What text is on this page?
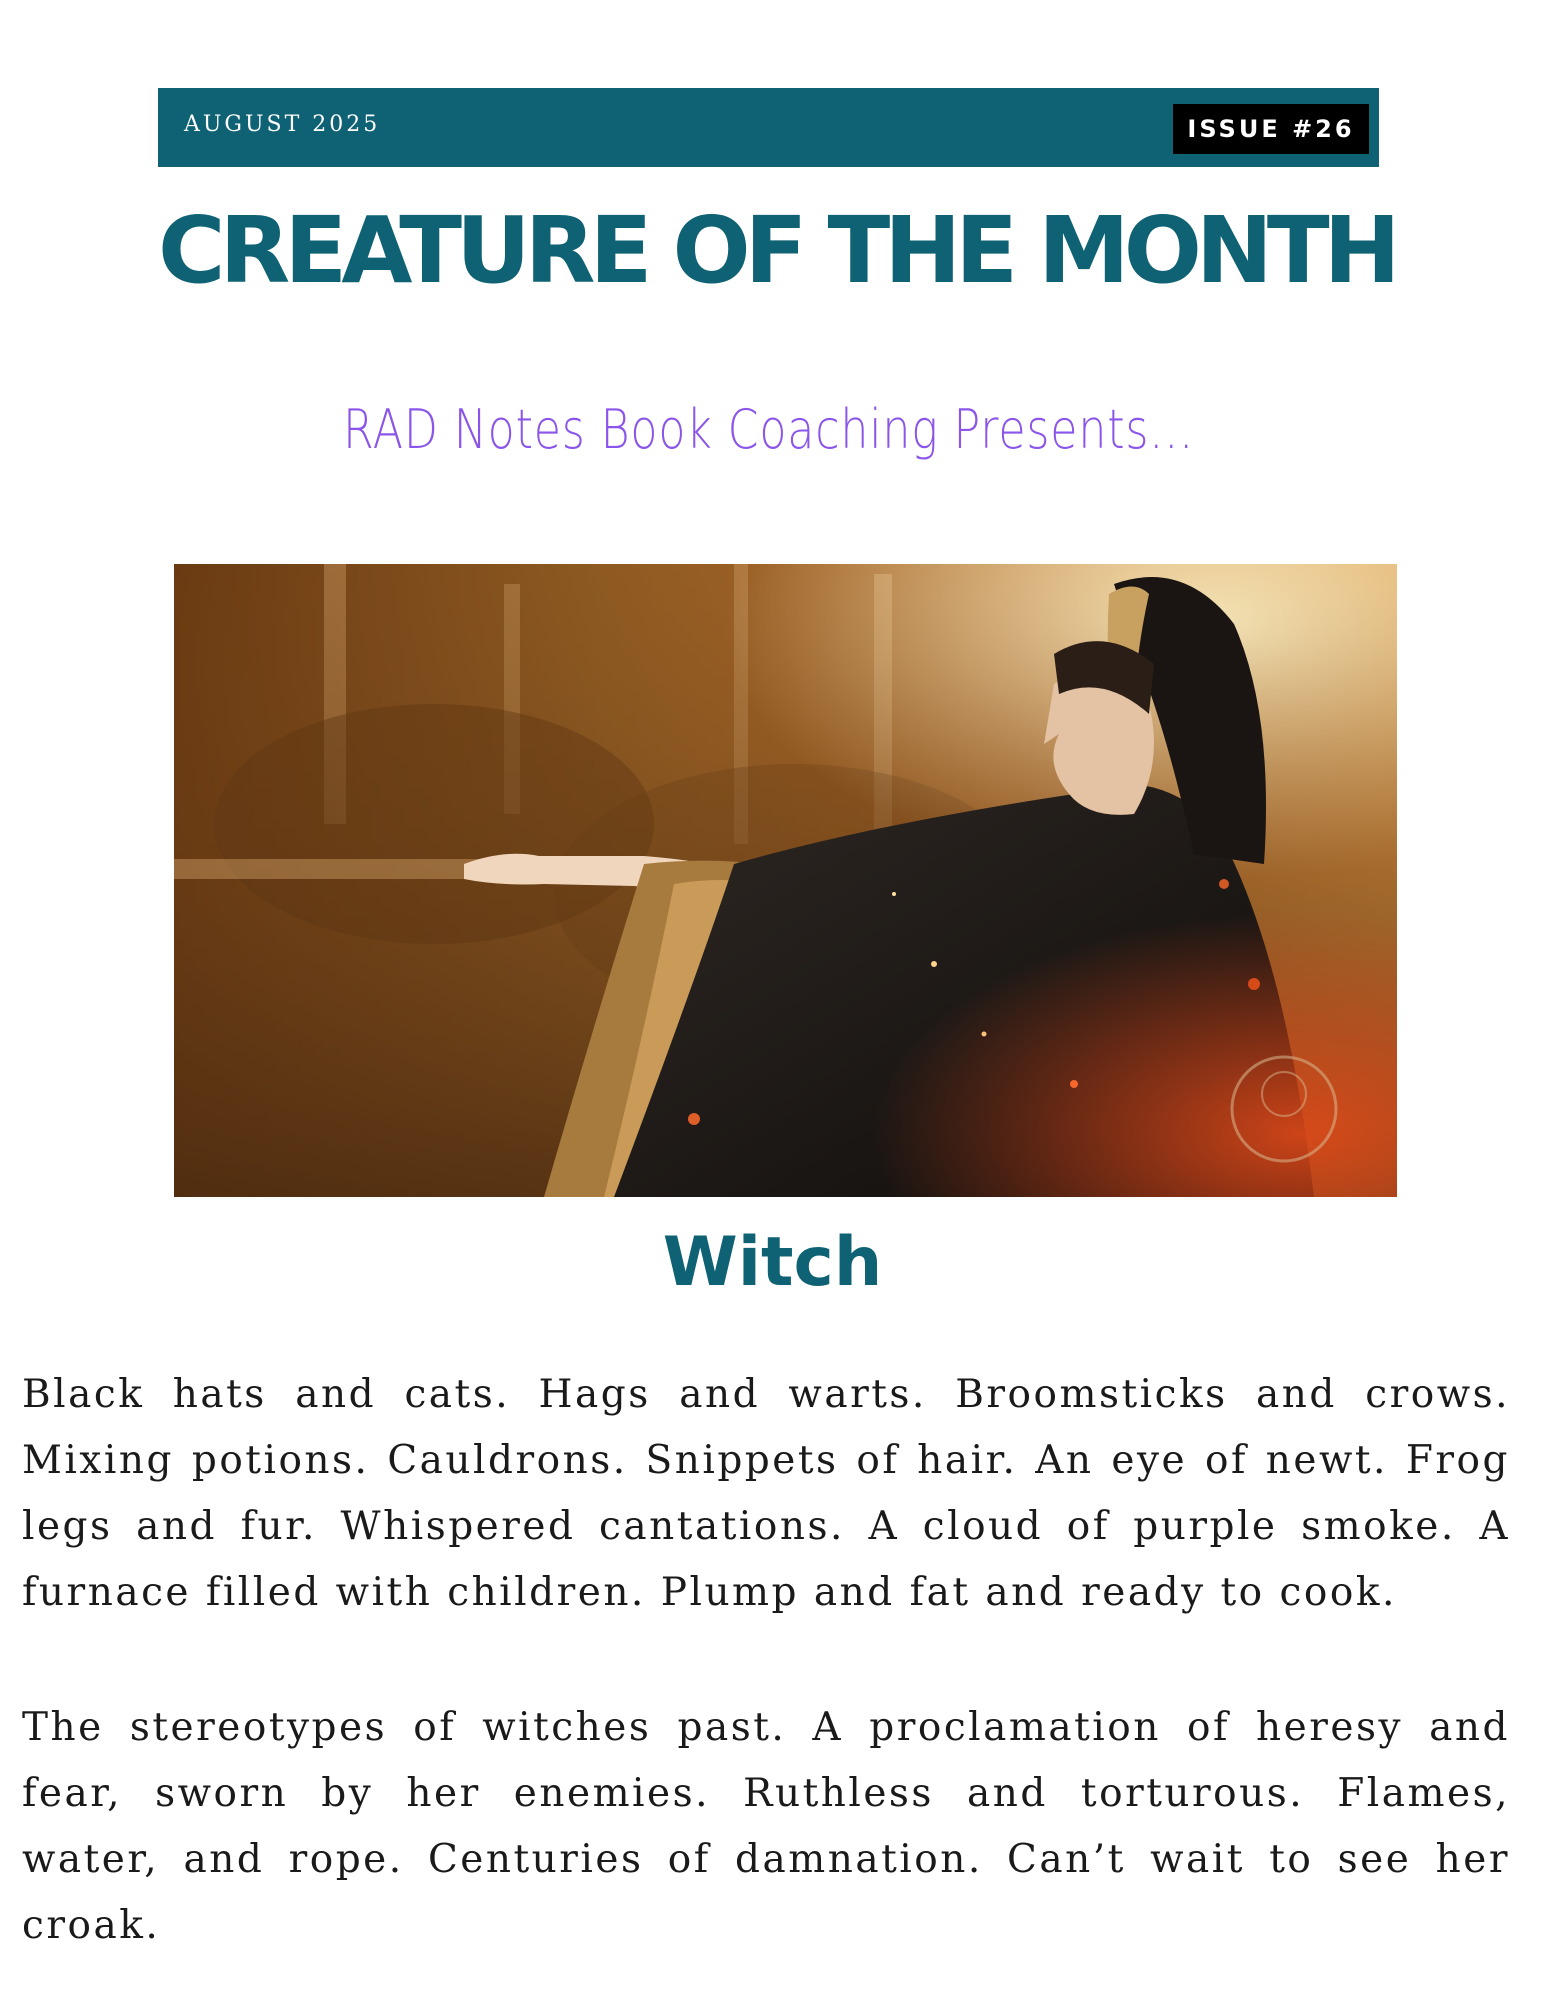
AUGUST 2025	ISSUE #26
CREATURE OF THE MONTH
RAD Notes Book Coaching Presents...
Witch

Black hats and cats. Hags and warts. Broomsticks and crows. Mixing potions. Cauldrons. Snippets of hair. An eye of newt. Frog legs and fur. Whispered cantations. A cloud of purple smoke. A furnace filled with children. Plump and fat and ready to cook.

The stereotypes of witches past. A proclamation of heresy and fear, sworn by her enemies. Ruthless and torturous. Flames, water, and rope. Centuries of damnation. Can’t wait to see her croak.
